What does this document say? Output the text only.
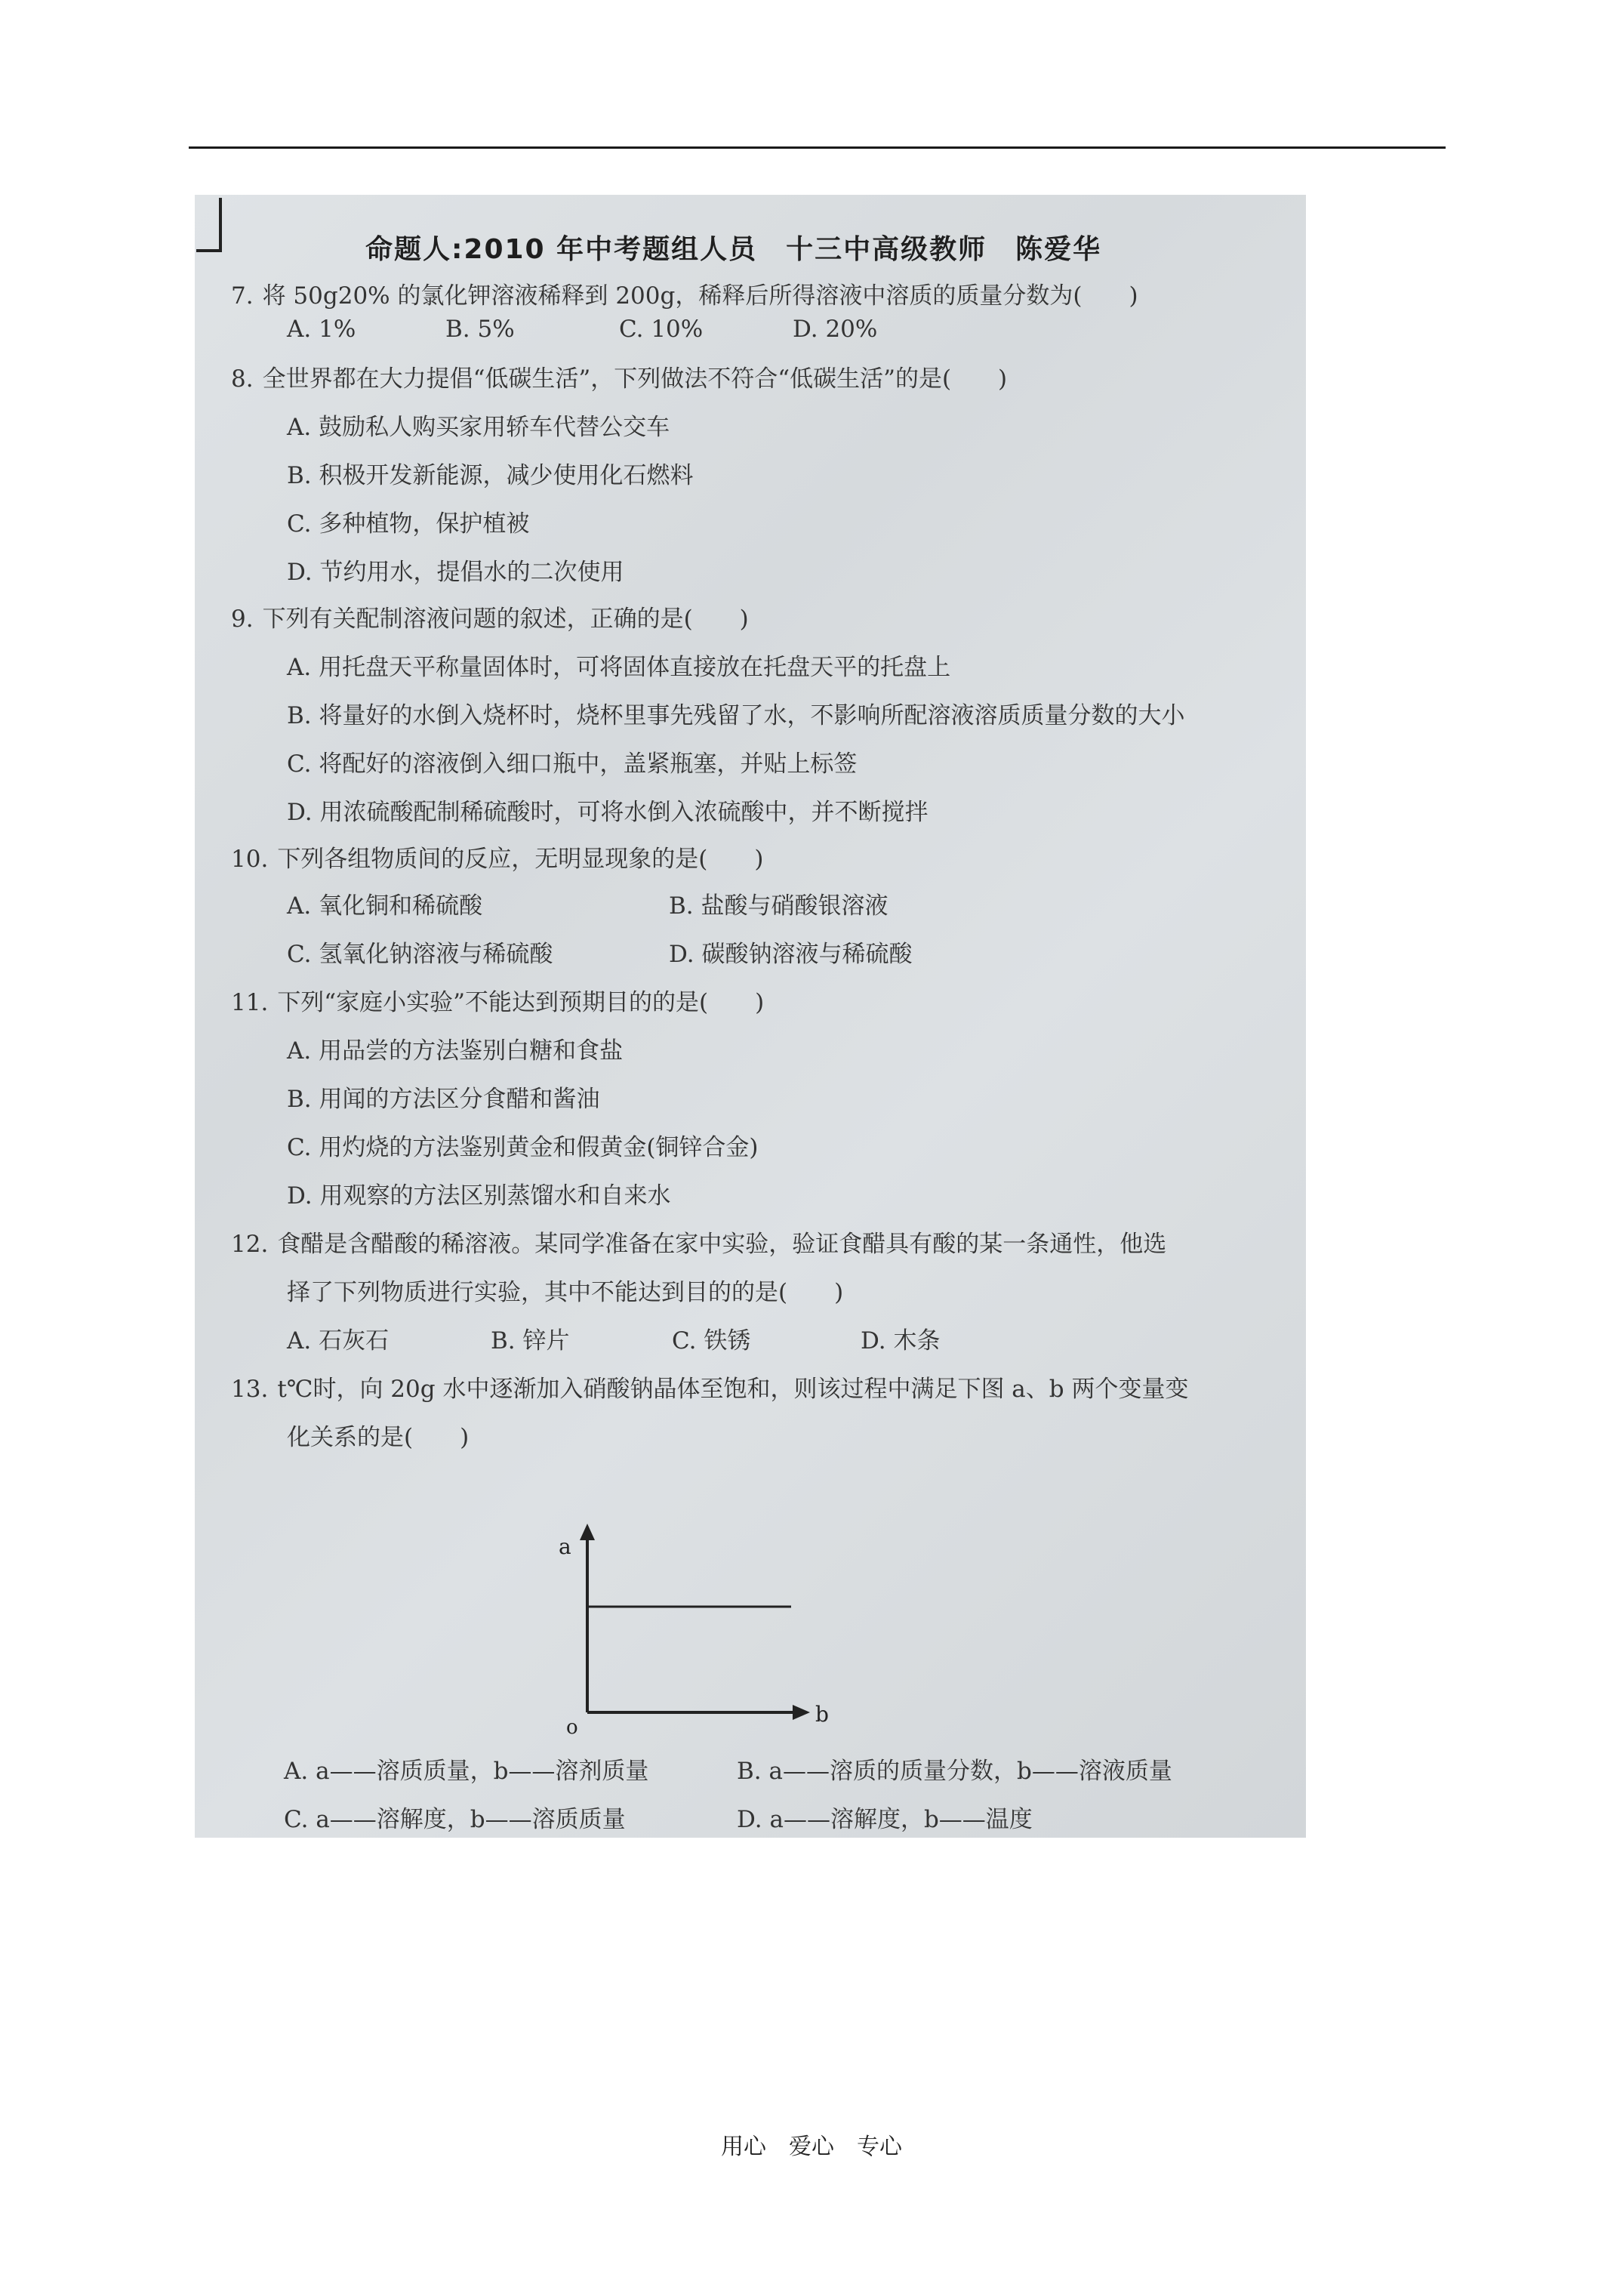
命题人:2010 年中考题组人员　十三中高级教师　陈爱华
7. 将 50g20% 的氯化钾溶液稀释到 200g，稀释后所得溶液中溶质的质量分数为(　　)
A. 1%	B. 5%	C. 10%	D. 20%
8. 全世界都在大力提倡“低碳生活”，下列做法不符合“低碳生活”的是(　　)
A. 鼓励私人购买家用轿车代替公交车
B. 积极开发新能源，减少使用化石燃料
C. 多种植物，保护植被
D. 节约用水，提倡水的二次使用
9. 下列有关配制溶液问题的叙述，正确的是(　　)
A. 用托盘天平称量固体时，可将固体直接放在托盘天平的托盘上
B. 将量好的水倒入烧杯时，烧杯里事先残留了水，不影响所配溶液溶质质量分数的大小
C. 将配好的溶液倒入细口瓶中，盖紧瓶塞，并贴上标签
D. 用浓硫酸配制稀硫酸时，可将水倒入浓硫酸中，并不断搅拌
10. 下列各组物质间的反应，无明显现象的是(　　)
A. 氧化铜和稀硫酸	B. 盐酸与硝酸银溶液
C. 氢氧化钠溶液与稀硫酸	D. 碳酸钠溶液与稀硫酸
11. 下列“家庭小实验”不能达到预期目的的是(　　)
A. 用品尝的方法鉴别白糖和食盐
B. 用闻的方法区分食醋和酱油
C. 用灼烧的方法鉴别黄金和假黄金(铜锌合金)
D. 用观察的方法区别蒸馏水和自来水
12. 食醋是含醋酸的稀溶液。某同学准备在家中实验，验证食醋具有酸的某一条通性，他选
择了下列物质进行实验，其中不能达到目的的是(　　)
A. 石灰石	B. 锌片	C. 铁锈	D. 木条
13. t℃时，向 20g 水中逐渐加入硝酸钠晶体至饱和，则该过程中满足下图 a、b 两个变量变
化关系的是(　　)
a
b
o
A. a——溶质质量，b——溶剂质量	B. a——溶质的质量分数，b——溶液质量
C. a——溶解度，b——溶质质量	D. a——溶解度，b——温度
用心　爱心　专心
